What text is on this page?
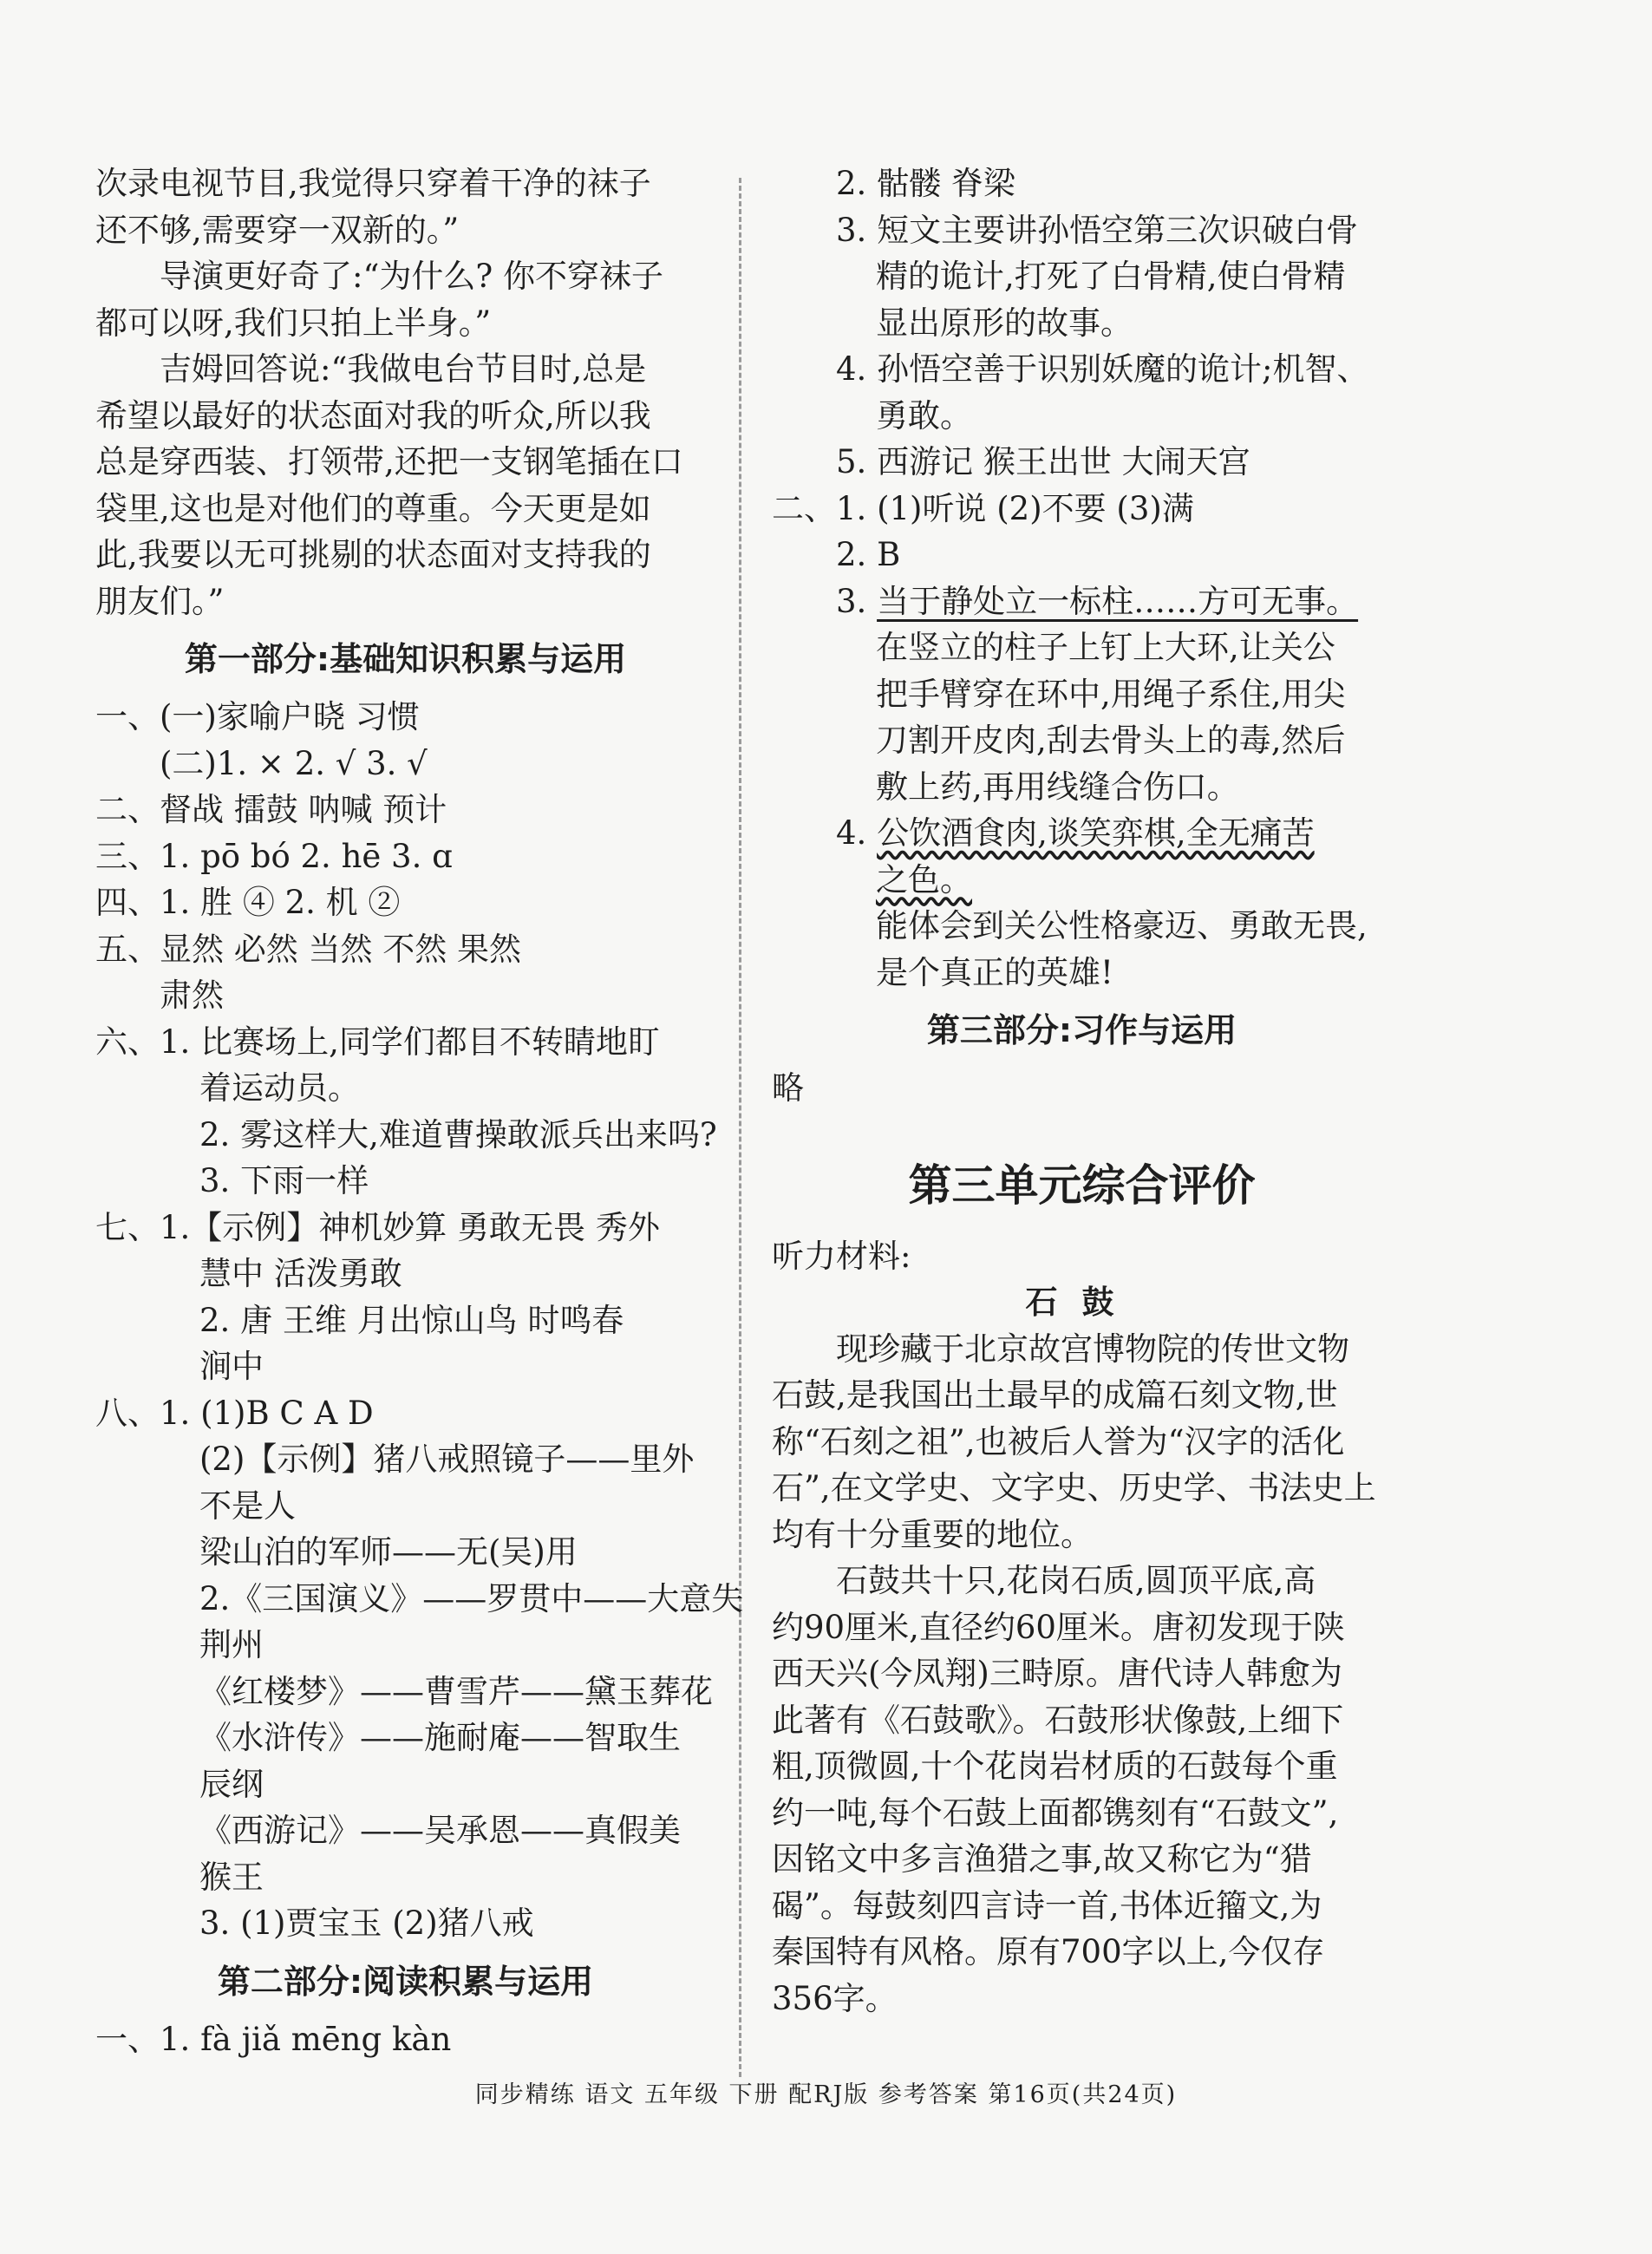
次录电视节目,我觉得只穿着干净的袜子
还不够,需要穿一双新的。”
导演更好奇了:“为什么? 你不穿袜子
都可以呀,我们只拍上半身。”
吉姆回答说:“我做电台节目时,总是
希望以最好的状态面对我的听众,所以我
总是穿西装、打领带,还把一支钢笔插在口
袋里,这也是对他们的尊重。今天更是如
此,我要以无可挑剔的状态面对支持我的
朋友们。”
第一部分:基础知识积累与运用
一、(一)家喻户晓 习惯
(二)1. × 2. √ 3. √
二、督战 擂鼓 呐喊 预计
三、1. pō bó 2. hē 3. ɑ
四、1. 胜 ④ 2. 机 ②
五、显然 必然 当然 不然 果然
肃然
六、1. 比赛场上,同学们都目不转睛地盯
着运动员。
2. 雾这样大,难道曹操敢派兵出来吗?
3. 下雨一样
七、1.【示例】神机妙算 勇敢无畏 秀外
慧中 活泼勇敢
2. 唐 王维 月出惊山鸟 时鸣春
涧中
八、1. (1)B C A D
(2)【示例】猪八戒照镜子——里外
不是人
梁山泊的军师——无(吴)用
2.《三国演义》——罗贯中——大意失
荆州
《红楼梦》——曹雪芹——黛玉葬花
《水浒传》——施耐庵——智取生
辰纲
《西游记》——吴承恩——真假美
猴王
3. (1)贾宝玉 (2)猪八戒
第二部分:阅读积累与运用
一、1. fà jiǎ mēng kàn
2. 骷髅 脊梁
3. 短文主要讲孙悟空第三次识破白骨
精的诡计,打死了白骨精,使白骨精
显出原形的故事。
4. 孙悟空善于识别妖魔的诡计;机智、
勇敢。
5. 西游记 猴王出世 大闹天宫
二、1. (1)听说 (2)不要 (3)满
2. B
3. 当于静处立一标柱……方可无事。
在竖立的柱子上钉上大环,让关公
把手臂穿在环中,用绳子系住,用尖
刀割开皮肉,刮去骨头上的毒,然后
敷上药,再用线缝合伤口。
4. 公饮酒食肉,谈笑弈棋,全无痛苦
之色。
能体会到关公性格豪迈、勇敢无畏,
是个真正的英雄!
第三部分:习作与运用
略
第三单元综合评价
听力材料:
石鼓
现珍藏于北京故宫博物院的传世文物
石鼓,是我国出土最早的成篇石刻文物,世
称“石刻之祖”,也被后人誉为“汉字的活化
石”,在文学史、文字史、历史学、书法史上
均有十分重要的地位。
石鼓共十只,花岗石质,圆顶平底,高
约90厘米,直径约60厘米。唐初发现于陕
西天兴(今凤翔)三畤原。唐代诗人韩愈为
此著有《石鼓歌》。石鼓形状像鼓,上细下
粗,顶微圆,十个花岗岩材质的石鼓每个重
约一吨,每个石鼓上面都镌刻有“石鼓文”,
因铭文中多言渔猎之事,故又称它为“猎
碣”。每鼓刻四言诗一首,书体近籀文,为
秦国特有风格。原有700字以上,今仅存
356字。
同步精练 语文 五年级 下册 配RJ版 参考答案 第16页(共24页)
